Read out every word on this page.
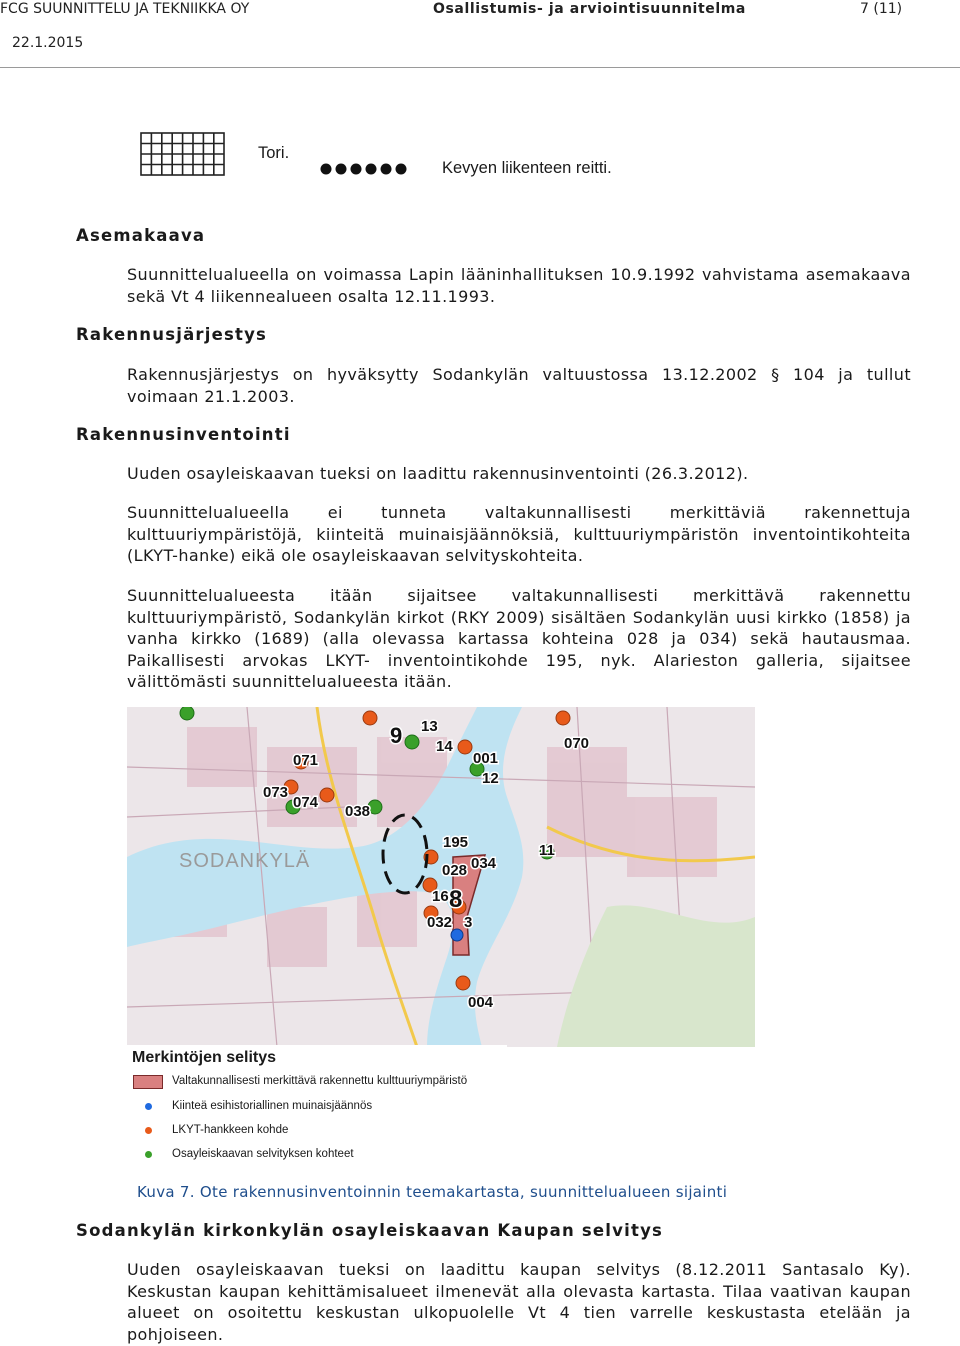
FCG SUUNNITTELU JA TEKNIIKKA OY	Osallistumis- ja arviointisuunnitelma	7 (11)
22.1.2015
Tori.
Kevyen liikenteen reitti.
Asemakaava
Suunnittelualueella on voimassa Lapin lääninhallituksen 10.9.1992 vahvistama asemakaava sekä Vt 4 liikennealueen osalta 12.11.1993.
Rakennusjärjestys
Rakennusjärjestys on hyväksytty Sodankylän valtuustossa 13.12.2002 § 104 ja tullut voimaan 21.1.2003.
Rakennusinventointi
Uuden osayleiskaavan tueksi on laadittu rakennusinventointi (26.3.2012).
Suunnittelualueella ei tunneta valtakunnallisesti merkittäviä rakennettuja kulttuuriympäristöjä, kiinteitä muinaisjäännöksiä, kulttuuriympäristön inventointikohteita (LKYT-hanke) eikä ole osayleiskaavan selvityskohteita.
Suunnittelualueesta itään sijaitsee valtakunnallisesti merkittävä rakennettu kulttuuriympäristö, Sodankylän kirkot (RKY 2009) sisältäen Sodankylän uusi kirkko (1858) ja vanha kirkko (1689) (alla olevassa kartassa kohteina 028 ja 034) sekä hautausmaa. Paikallisesti arvokas LKYT- inventointikohde 195, nyk. Alarieston galleria, sijaitsee välittömästi suunnittelualueesta itään.
SODANKYLÄ
9 13
14
001
12
070
071
073
074
038
195
034
11
028
16 8
032 3
004
Merkintöjen selitys
Valtakunnallisesti merkittävä rakennettu kulttuuriympäristö
Kiinteä esihistoriallinen muinaisjäännös
LKYT-hankkeen kohde
Osayleiskaavan selvityksen kohteet
Kuva 7. Ote rakennusinventoinnin teemakartasta, suunnittelualueen sijainti
Sodankylän kirkonkylän osayleiskaavan Kaupan selvitys
Uuden osayleiskaavan tueksi on laadittu kaupan selvitys (8.12.2011 Santasalo Ky). Keskustan kaupan kehittämisalueet ilmenevät alla olevasta kartasta. Tilaa vaativan kaupan alueet on osoitettu keskustan ulkopuolelle Vt 4 tien varrelle keskustasta etelään ja pohjoiseen.
